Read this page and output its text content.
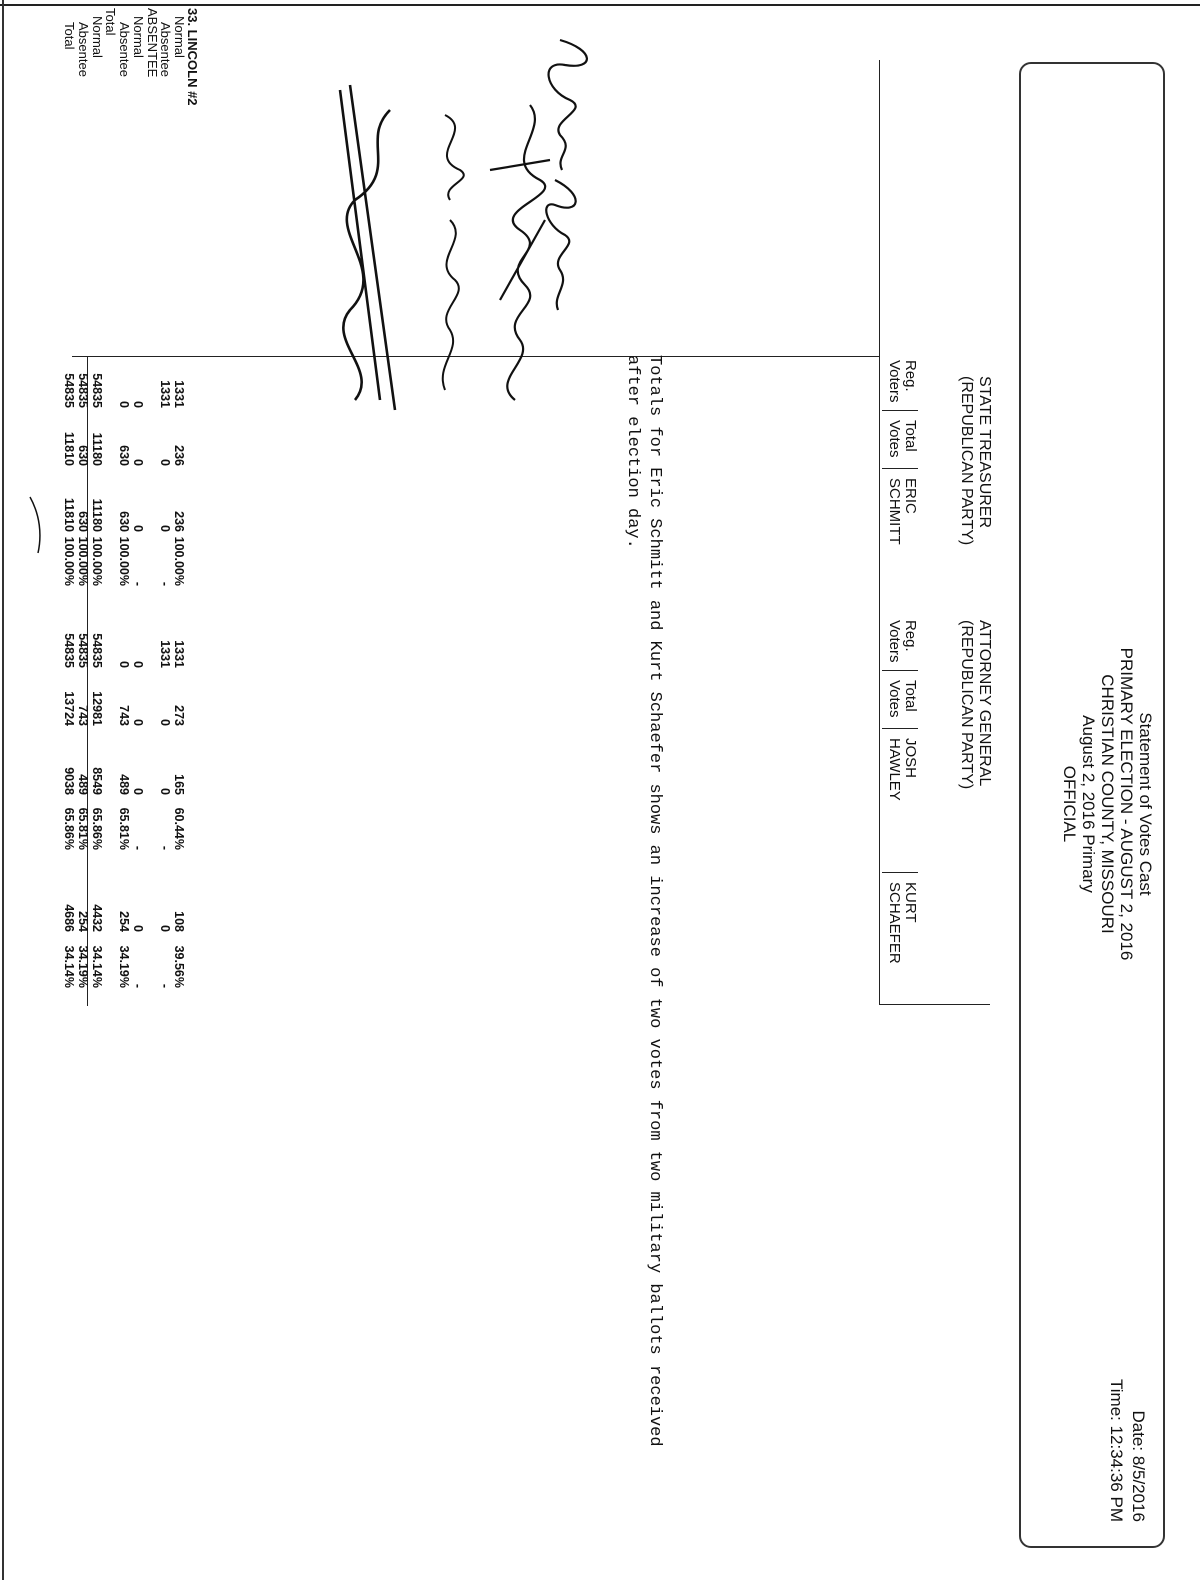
Statement of Votes Cast
PRIMARY ELECTION - AUGUST 2, 2016
CHRISTIAN COUNTY, MISSOURI
August 2, 2016 Primary
OFFICIAL
Date: 8/5/2016
Time: 12:34:36 PM
STATE TREASURER
(REPUBLICAN PARTY)
Reg.
Voters
Total
Votes
ERIC
SCHMITT
ATTORNEY GENERAL
(REPUBLICAN PARTY)
Reg.
Voters
Total
Votes
JOSH
HAWLEY
KURT
SCHAEFER
33. LINCOLN #2
Normal
Absentee
ABSENTEE
Normal
Absentee
Total
Normal
Absentee
Total
1331
236
236
100.00%
1331
0
0
-
0
0
0
-
0
630
630
100.00%
54835
11180
11180
100.00%
54835
630
630
100.00%
54835
11810
11810
100.00%
1331
273
165
60.44%
108
39.56%
1331
0
0
-
0
-
0
0
0
-
0
-
0
743
489
65.81%
254
34.19%
54835
12981
8549
65.86%
4432
34.14%
54835
743
489
65.81%
254
34.19%
54835
13724
9038
65.86%
4686
34.14%	Totals for Eric Schmitt and Kurt Schaefer shows an increase of two votes from two military ballots received after election day.
